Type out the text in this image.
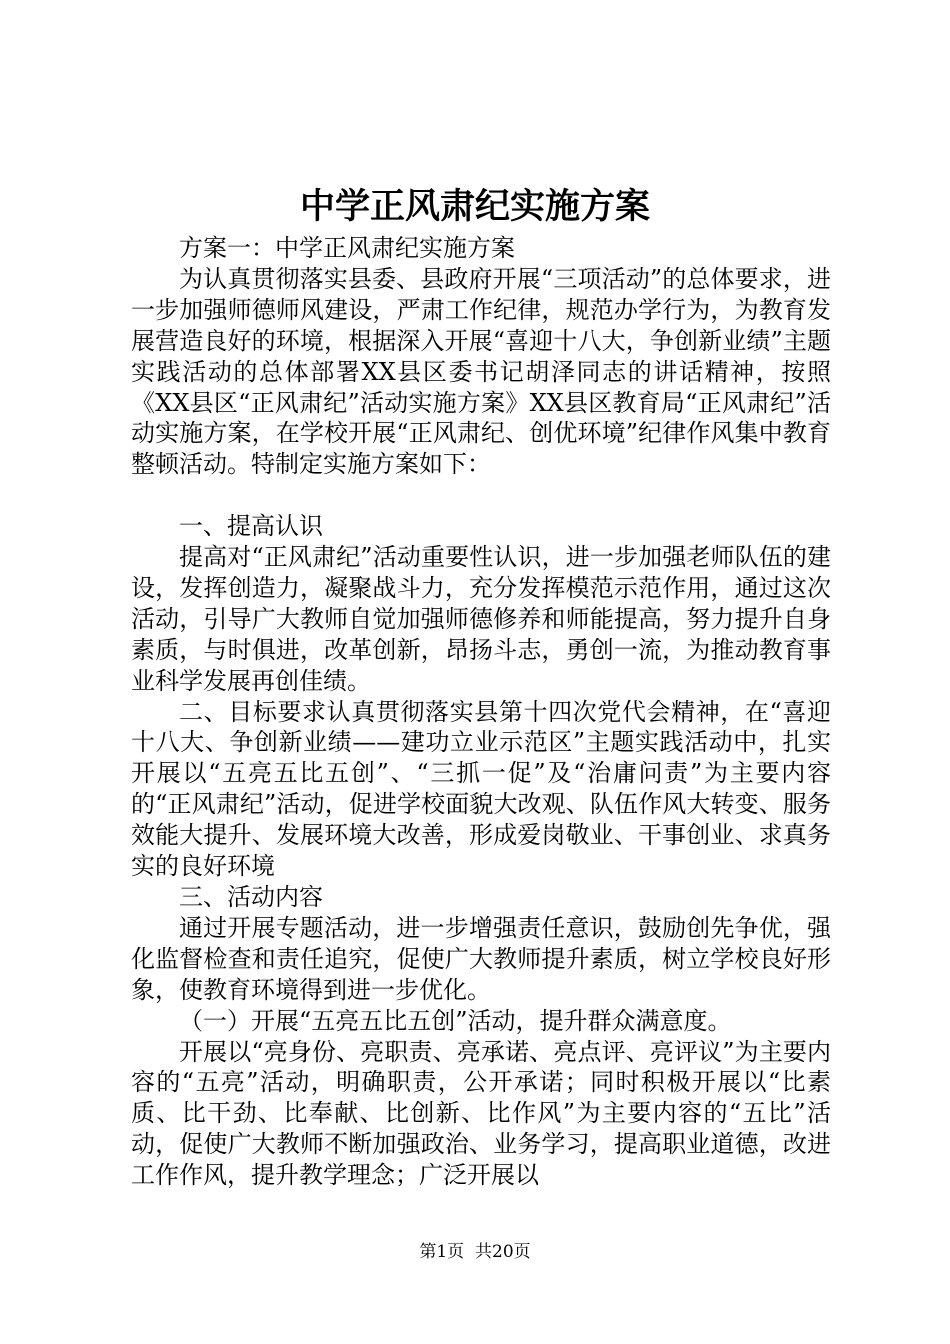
中学正风肃纪实施方案

方案一：中学正风肃纪实施方案

为认真贯彻落实县委、县政府开展“三项活动”的总体要求，进一步加强师德师风建设，严肃工作纪律，规范办学行为，为教育发展营造良好的环境，根据深入开展“喜迎十八大，争创新业绩”主题实践活动的总体部署XX县区委书记胡泽同志的讲话精神，按照《XX县区“正风肃纪”活动实施方案》XX县区教育局“正风肃纪”活动实施方案，在学校开展“正风肃纪、创优环境”纪律作风集中教育整顿活动。特制定实施方案如下：

一、提高认识

提高对“正风肃纪”活动重要性认识，进一步加强老师队伍的建设，发挥创造力，凝聚战斗力，充分发挥模范示范作用，通过这次活动，引导广大教师自觉加强师德修养和师能提高，努力提升自身素质，与时俱进，改革创新，昂扬斗志，勇创一流，为推动教育事业科学发展再创佳绩。

二、目标要求认真贯彻落实县第十四次党代会精神，在“喜迎十八大、争创新业绩——建功立业示范区”主题实践活动中，扎实开展以“五亮五比五创”、“三抓一促”及“治庸问责”为主要内容的“正风肃纪”活动，促进学校面貌大改观、队伍作风大转变、服务效能大提升、发展环境大改善，形成爱岗敬业、干事创业、求真务实的良好环境

三、活动内容

通过开展专题活动，进一步增强责任意识，鼓励创先争优，强化监督检查和责任追究，促使广大教师提升素质，树立学校良好形象，使教育环境得到进一步优化。

（一）开展“五亮五比五创”活动，提升群众满意度。

开展以“亮身份、亮职责、亮承诺、亮点评、亮评议”为主要内容的“五亮”活动，明确职责，公开承诺；同时积极开展以“比素质、比干劲、比奉献、比创新、比作风”为主要内容的“五比”活动，促使广大教师不断加强政治、业务学习，提高职业道德，改进工作作风，提升教学理念；广泛开展以

第1页 共20页
